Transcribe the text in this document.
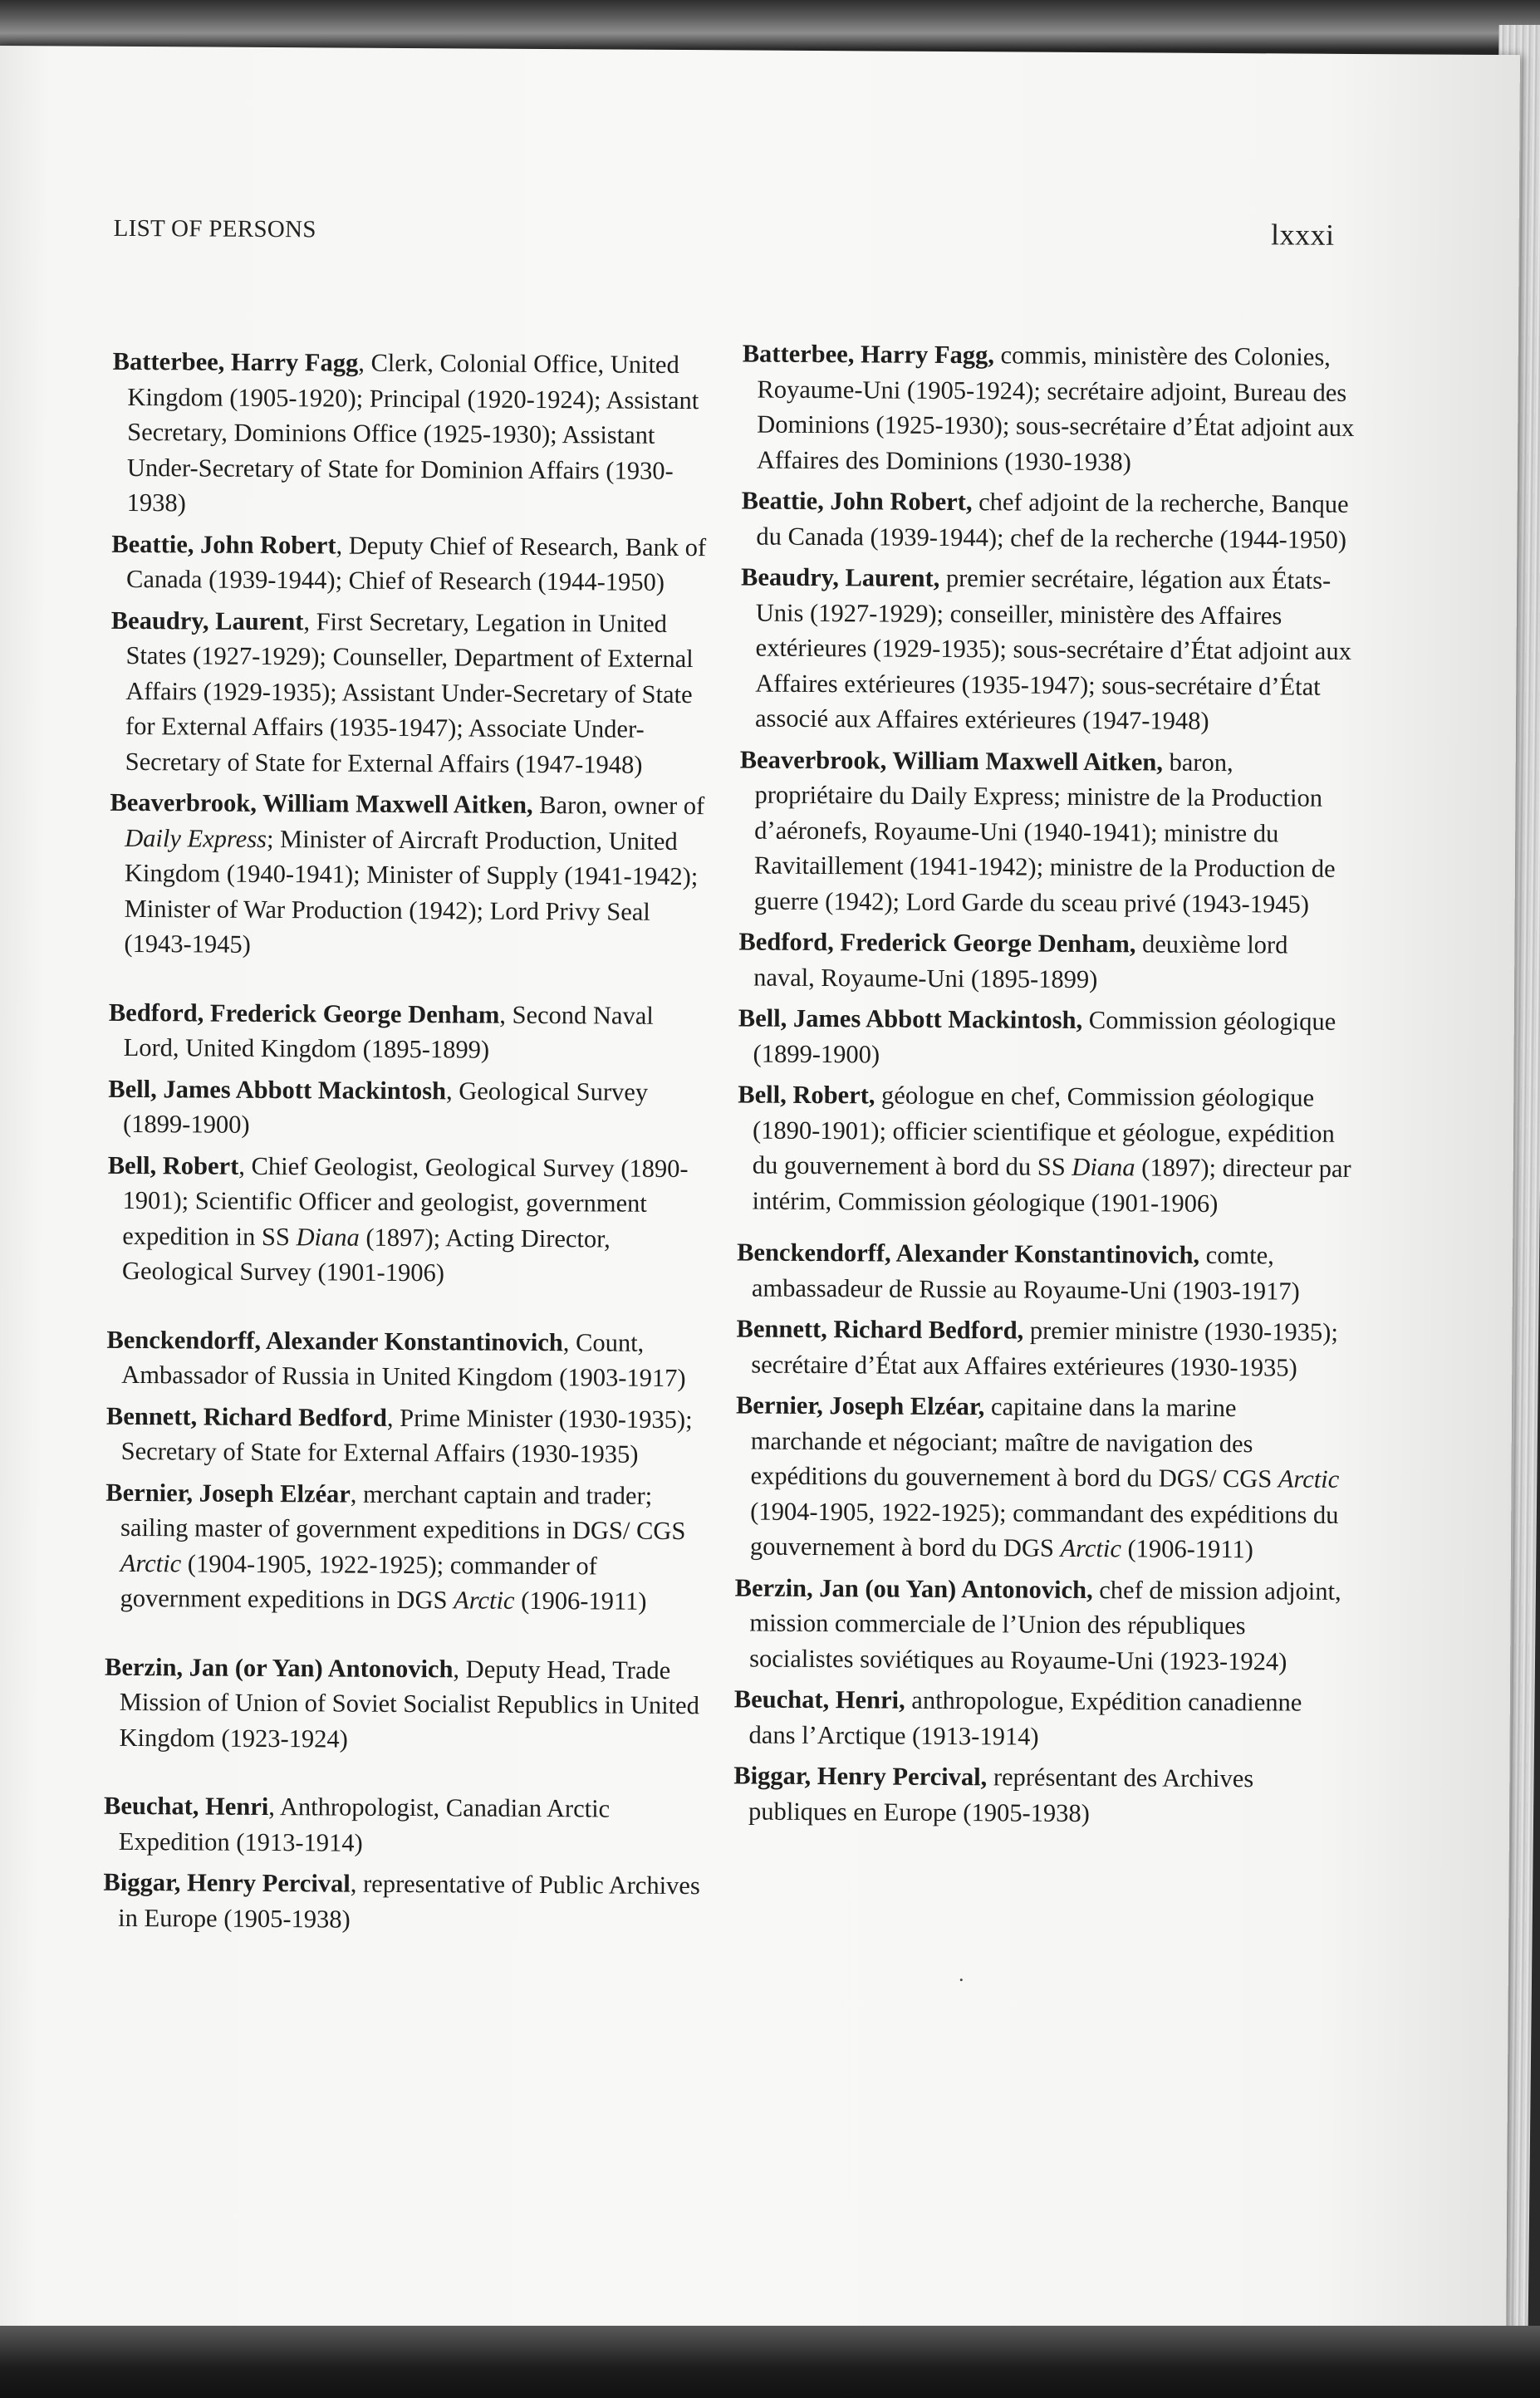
LIST OF PERSONS	lxxxi

Batterbee, Harry Fagg, Clerk, Colonial Office, United Kingdom (1905-1920); Principal (1920-1924); Assistant Secretary, Dominions Office (1925-1930); Assistant Under-Secretary of State for Dominion Affairs (1930-1938)

Beattie, John Robert, Deputy Chief of Research, Bank of Canada (1939-1944); Chief of Research (1944-1950)

Beaudry, Laurent, First Secretary, Legation in United States (1927-1929); Counseller, Department of External Affairs (1929-1935); Assistant Under-Secretary of State for External Affairs (1935-1947); Associate Under-Secretary of State for External Affairs (1947-1948)

Beaverbrook, William Maxwell Aitken, Baron, owner of Daily Express; Minister of Aircraft Production, United Kingdom (1940-1941); Minister of Supply (1941-1942); Minister of War Production (1942); Lord Privy Seal (1943-1945)

Bedford, Frederick George Denham, Second Naval Lord, United Kingdom (1895-1899)

Bell, James Abbott Mackintosh, Geological Survey (1899-1900)

Bell, Robert, Chief Geologist, Geological Survey (1890-1901); Scientific Officer and geologist, government expedition in SS Diana (1897); Acting Director, Geological Survey (1901-1906)

Benckendorff, Alexander Konstantinovich, Count, Ambassador of Russia in United Kingdom (1903-1917)

Bennett, Richard Bedford, Prime Minister (1930-1935); Secretary of State for External Affairs (1930-1935)

Bernier, Joseph Elzéar, merchant captain and trader; sailing master of government expeditions in DGS/ CGS Arctic (1904-1905, 1922-1925); commander of government expeditions in DGS Arctic (1906-1911)

Berzin, Jan (or Yan) Antonovich, Deputy Head, Trade Mission of Union of Soviet Socialist Republics in United Kingdom (1923-1924)

Beuchat, Henri, Anthropologist, Canadian Arctic Expedition (1913-1914)

Biggar, Henry Percival, representative of Public Archives in Europe (1905-1938)

Batterbee, Harry Fagg, commis, ministère des Colonies, Royaume-Uni (1905-1924); secrétaire adjoint, Bureau des Dominions (1925-1930); sous-secrétaire d’État adjoint aux Affaires des Dominions (1930-1938)

Beattie, John Robert, chef adjoint de la recherche, Banque du Canada (1939-1944); chef de la recherche (1944-1950)

Beaudry, Laurent, premier secrétaire, légation aux États-Unis (1927-1929); conseiller, ministère des Affaires extérieures (1929-1935); sous-secrétaire d’État adjoint aux Affaires extérieures (1935-1947); sous-secrétaire d’État associé aux Affaires extérieures (1947-1948)

Beaverbrook, William Maxwell Aitken, baron, propriétaire du Daily Express; ministre de la Production d’aéronefs, Royaume-Uni (1940-1941); ministre du Ravitaillement (1941-1942); ministre de la Production de guerre (1942); Lord Garde du sceau privé (1943-1945)

Bedford, Frederick George Denham, deuxième lord naval, Royaume-Uni (1895-1899)

Bell, James Abbott Mackintosh, Commission géologique (1899-1900)

Bell, Robert, géologue en chef, Commission géologique (1890-1901); officier scientifique et géologue, expédition du gouvernement à bord du SS Diana (1897); directeur par intérim, Commission géologique (1901-1906)

Benckendorff, Alexander Konstantinovich, comte, ambassadeur de Russie au Royaume-Uni (1903-1917)

Bennett, Richard Bedford, premier ministre (1930-1935); secrétaire d’État aux Affaires extérieures (1930-1935)

Bernier, Joseph Elzéar, capitaine dans la marine marchande et négociant; maître de navigation des expéditions du gouvernement à bord du DGS/ CGS Arctic (1904-1905, 1922-1925); commandant des expéditions du gouvernement à bord du DGS Arctic (1906-1911)

Berzin, Jan (ou Yan) Antonovich, chef de mission adjoint, mission commerciale de l’Union des républiques socialistes soviétiques au Royaume-Uni (1923-1924)

Beuchat, Henri, anthropologue, Expédition canadienne dans l’Arctique (1913-1914)

Biggar, Henry Percival, représentant des Archives publiques en Europe (1905-1938)
